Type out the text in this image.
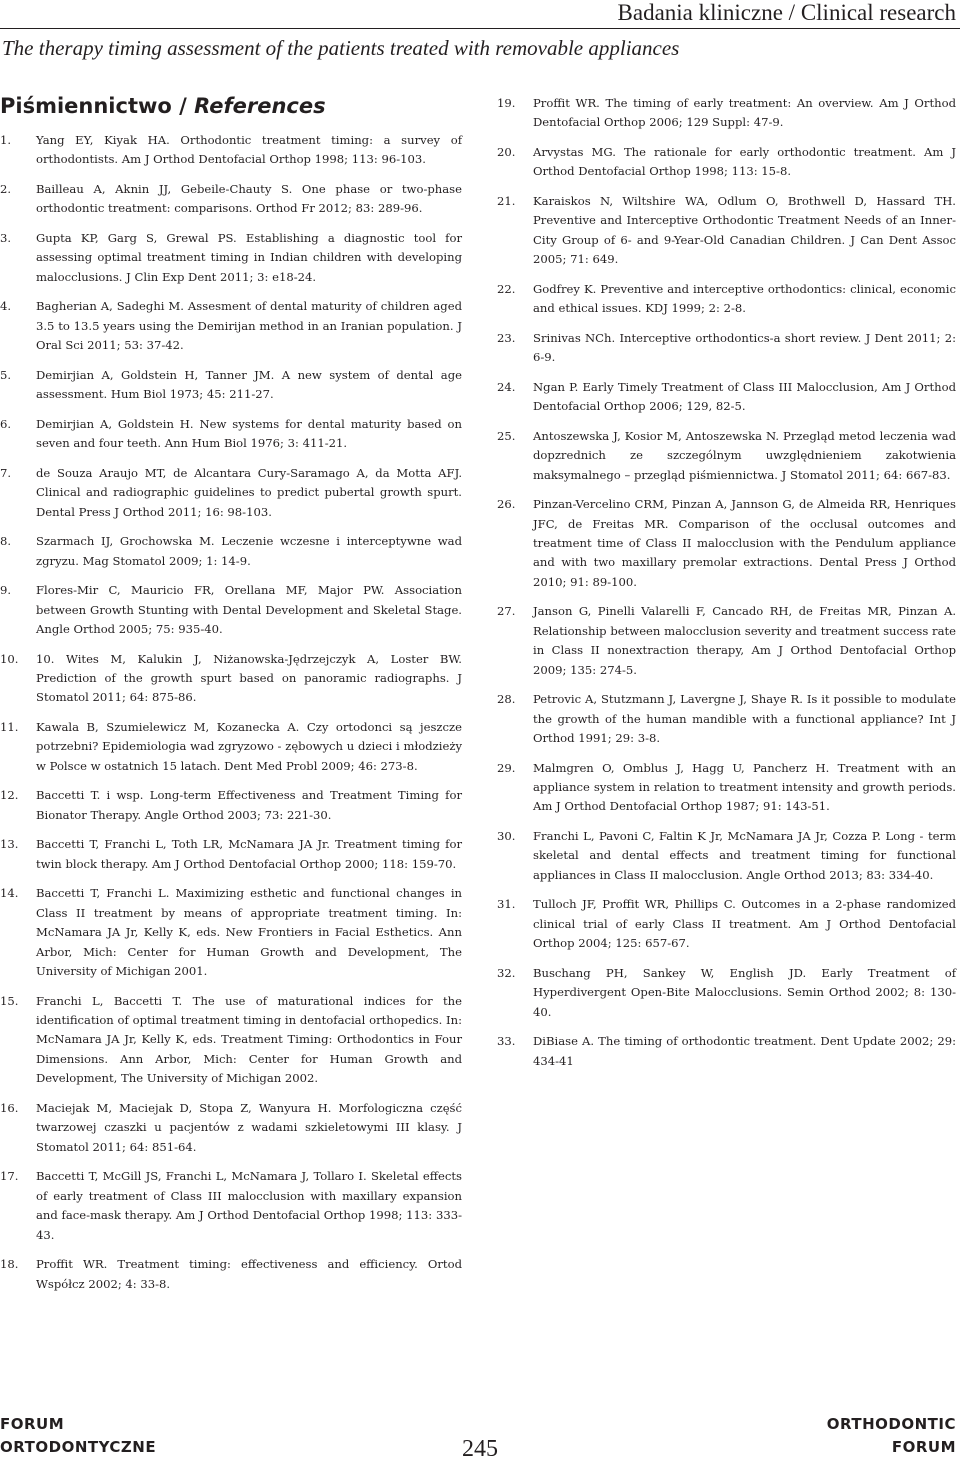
Badania kliniczne / Clinical research
The therapy timing assessment of the patients treated with removable appliances
Piśmiennictwo / References
1. Yang EY, Kiyak HA. Orthodontic treatment timing: a survey of orthodontists. Am J Orthod Dentofacial Orthop 1998; 113: 96-103.
2. Bailleau A, Aknin JJ, Gebeile-Chauty S. One phase or two-phase orthodontic treatment: comparisons. Orthod Fr 2012; 83: 289-96.
3. Gupta KP, Garg S, Grewal PS. Establishing a diagnostic tool for assessing optimal treatment timing in Indian children with developing malocclusions. J Clin Exp Dent 2011; 3: e18-24.
4. Bagherian A, Sadeghi M. Assesment of dental maturity of children aged 3.5 to 13.5 years using the Demirijan method in an Iranian population. J Oral Sci 2011; 53: 37-42.
5. Demirjian A, Goldstein H, Tanner JM. A new system of dental age assessment. Hum Biol 1973; 45: 211-27.
6. Demirjian A, Goldstein H. New systems for dental maturity based on seven and four teeth. Ann Hum Biol 1976; 3: 411-21.
7. de Souza Araujo MT, de Alcantara Cury-Saramago A, da Motta AFJ. Clinical and radiographic guidelines to predict pubertal growth spurt. Dental Press J Orthod 2011; 16: 98-103.
8. Szarmach IJ, Grochowska M. Leczenie wczesne i interceptywne wad zgryzu. Mag Stomatol 2009; 1: 14-9.
9. Flores-Mir C, Mauricio FR, Orellana MF, Major PW. Association between Growth Stunting with Dental Development and Skeletal Stage. Angle Orthod 2005; 75: 935-40.
10. 10. Wites M, Kalukin J, Niżanowska-Jędrzejczyk A, Loster BW. Prediction of the growth spurt based on panoramic radiographs. J Stomatol 2011; 64: 875-86.
11. Kawala B, Szumielewicz M, Kozanecka A. Czy ortodonci są jeszcze potrzebni? Epidemiologia wad zgryzowo - zębowych u dzieci i młodzieży w Polsce w ostatnich 15 latach. Dent Med Probl 2009; 46: 273-8.
12. Baccetti T. i wsp. Long-term Effectiveness and Treatment Timing for Bionator Therapy. Angle Orthod 2003; 73: 221-30.
13. Baccetti T, Franchi L, Toth LR, McNamara JA Jr. Treatment timing for twin block therapy. Am J Orthod Dentofacial Orthop 2000; 118: 159-70.
14. Baccetti T, Franchi L. Maximizing esthetic and functional changes in Class II treatment by means of appropriate treatment timing. In: McNamara JA Jr, Kelly K, eds. New Frontiers in Facial Esthetics. Ann Arbor, Mich: Center for Human Growth and Development, The University of Michigan 2001.
15. Franchi L, Baccetti T. The use of maturational indices for the identification of optimal treatment timing in dentofacial orthopedics. In: McNamara JA Jr, Kelly K, eds. Treatment Timing: Orthodontics in Four Dimensions. Ann Arbor, Mich: Center for Human Growth and Development, The University of Michigan 2002.
16. Maciejak M, Maciejak D, Stopa Z, Wanyura H. Morfologiczna część twarzowej czaszki u pacjentów z wadami szkieletowymi III klasy. J Stomatol 2011; 64: 851-64.
17. Baccetti T, McGill JS, Franchi L, McNamara J, Tollaro I. Skeletal effects of early treatment of Class III malocclusion with maxillary expansion and face-mask therapy. Am J Orthod Dentofacial Orthop 1998; 113: 333-43.
18. Proffit WR. Treatment timing: effectiveness and efficiency. Ortod Współcz 2002; 4: 33-8.
19. Proffit WR. The timing of early treatment: An overview. Am J Orthod Dentofacial Orthop 2006; 129 Suppl: 47-9.
20. Arvystas MG. The rationale for early orthodontic treatment. Am J Orthod Dentofacial Orthop 1998; 113: 15-8.
21. Karaiskos N, Wiltshire WA, Odlum O, Brothwell D, Hassard TH. Preventive and Interceptive Orthodontic Treatment Needs of an Inner-City Group of 6- and 9-Year-Old Canadian Children. J Can Dent Assoc 2005; 71: 649.
22. Godfrey K. Preventive and interceptive orthodontics: clinical, economic and ethical issues. KDJ 1999; 2: 2-8.
23. Srinivas NCh. Interceptive orthodontics-a short review. J Dent 2011; 2: 6-9.
24. Ngan P. Early Timely Treatment of Class III Malocclusion, Am J Orthod Dentofacial Orthop 2006; 129, 82-5.
25. Antoszewska J, Kosior M, Antoszewska N. Przegląd metod leczenia wad dopzrednich ze szczególnym uwzględnieniem zakotwienia maksymalnego – przegląd piśmiennictwa. J Stomatol 2011; 64: 667-83.
26. Pinzan-Vercelino CRM, Pinzan A, Jannson G, de Almeida RR, Henriques JFC, de Freitas MR. Comparison of the occlusal outcomes and treatment time of Class II malocclusion with the Pendulum appliance and with two maxillary premolar extractions. Dental Press J Orthod 2010; 91: 89-100.
27. Janson G, Pinelli Valarelli F, Cancado RH, de Freitas MR, Pinzan A. Relationship between malocclusion severity and treatment success rate in Class II nonextraction therapy, Am J Orthod Dentofacial Orthop 2009; 135: 274-5.
28. Petrovic A, Stutzmann J, Lavergne J, Shaye R. Is it possible to modulate the growth of the human mandible with a functional appliance? Int J Orthod 1991; 29: 3-8.
29. Malmgren O, Omblus J, Hagg U, Pancherz H. Treatment with an appliance system in relation to treatment intensity and growth periods. Am J Orthod Dentofacial Orthop 1987; 91: 143-51.
30. Franchi L, Pavoni C, Faltin K Jr, McNamara JA Jr, Cozza P. Long - term skeletal and dental effects and treatment timing for functional appliances in Class II malocclusion. Angle Orthod 2013; 83: 334-40.
31. Tulloch JF, Proffit WR, Phillips C. Outcomes in a 2-phase randomized clinical trial of early Class II treatment. Am J Orthod Dentofacial Orthop 2004; 125: 657-67.
32. Buschang PH, Sankey W, English JD. Early Treatment of Hyperdivergent Open-Bite Malocclusions. Semin Orthod 2002; 8: 130-40.
33. DiBiase A. The timing of orthodontic treatment. Dent Update 2002; 29: 434-41
FORUM
ORTODONTYCZNE	245
ORTHODONTIC
FORUM
